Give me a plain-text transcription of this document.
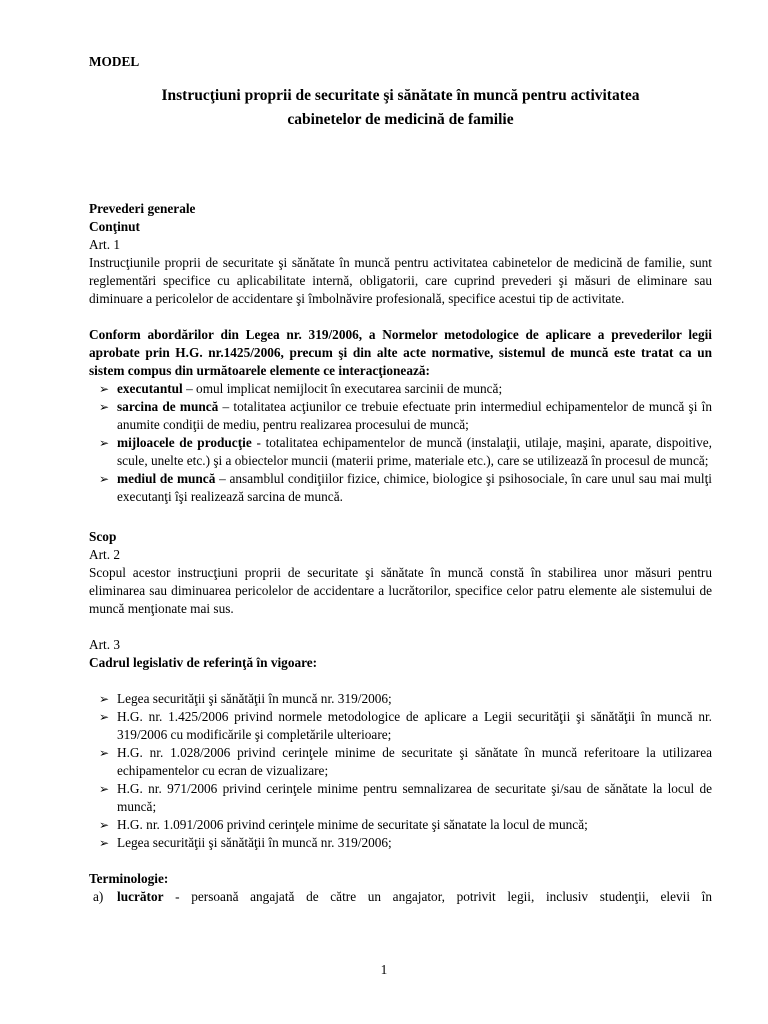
MODEL

Instrucţiuni proprii de securitate şi sănătate în muncă pentru activitatea
cabinetelor de medicină de familie

Prevederi generale

Conţinut

Art. 1

Instrucţiunile proprii de securitate şi sănătate în muncă pentru activitatea cabinetelor de medicină de familie, sunt reglementări specifice cu aplicabilitate internă, obligatorii, care cuprind prevederi şi măsuri de eliminare sau diminuare a pericolelor de accidentare şi îmbolnăvire profesională, specifice acestui tip de activitate.

Conform abordărilor din Legea nr. 319/2006, a Normelor metodologice de aplicare a prevederilor legii aprobate prin H.G. nr.1425/2006, precum şi din alte acte normative, sistemul de muncă este tratat ca un sistem compus din următoarele elemente ce interacţionează:

➢ executantul – omul implicat nemijlocit în executarea sarcinii de muncă;
➢ sarcina de muncă – totalitatea acţiunilor ce trebuie efectuate prin intermediul echipamentelor de muncă şi în anumite condiţii de mediu, pentru realizarea procesului de muncă;
➢ mijloacele de producţie - totalitatea echipamentelor de muncă (instalaţii, utilaje, maşini, aparate, dispoitive, scule, unelte etc.) şi a obiectelor muncii (materii prime, materiale etc.), care se utilizează în procesul de muncă;
➢ mediul de muncă – ansamblul condiţiilor fizice, chimice, biologice şi psihosociale, în care unul sau mai mulţi executanţi îşi realizează sarcina de muncă.

Scop

Art. 2

Scopul acestor instrucţiuni proprii de securitate şi sănătate în muncă constă în stabilirea unor măsuri pentru eliminarea sau diminuarea pericolelor de accidentare a lucrătorilor, specifice celor patru elemente ale sistemului de muncă menţionate mai sus.

Art. 3

Cadrul legislativ de referinţă în vigoare:

➢ Legea securităţii şi sănătăţii în muncă nr. 319/2006;
➢ H.G. nr. 1.425/2006 privind normele metodologice de aplicare a Legii securităţii şi sănătăţii în muncă nr. 319/2006 cu modificările şi completările ulterioare;
➢ H.G. nr. 1.028/2006 privind cerinţele minime de securitate şi sănătate în muncă referitoare la utilizarea echipamentelor cu ecran de vizualizare;
➢ H.G. nr. 971/2006 privind cerinţele minime pentru semnalizarea de securitate şi/sau de sănătate la locul de muncă;
➢ H.G. nr. 1.091/2006 privind cerinţele minime de securitate şi sănatate la locul de muncă;
➢ Legea securităţii şi sănătăţii în muncă nr. 319/2006;

Terminologie:

a) lucrător - persoană angajată de către un angajator, potrivit legii, inclusiv studenţii, elevii în
1
